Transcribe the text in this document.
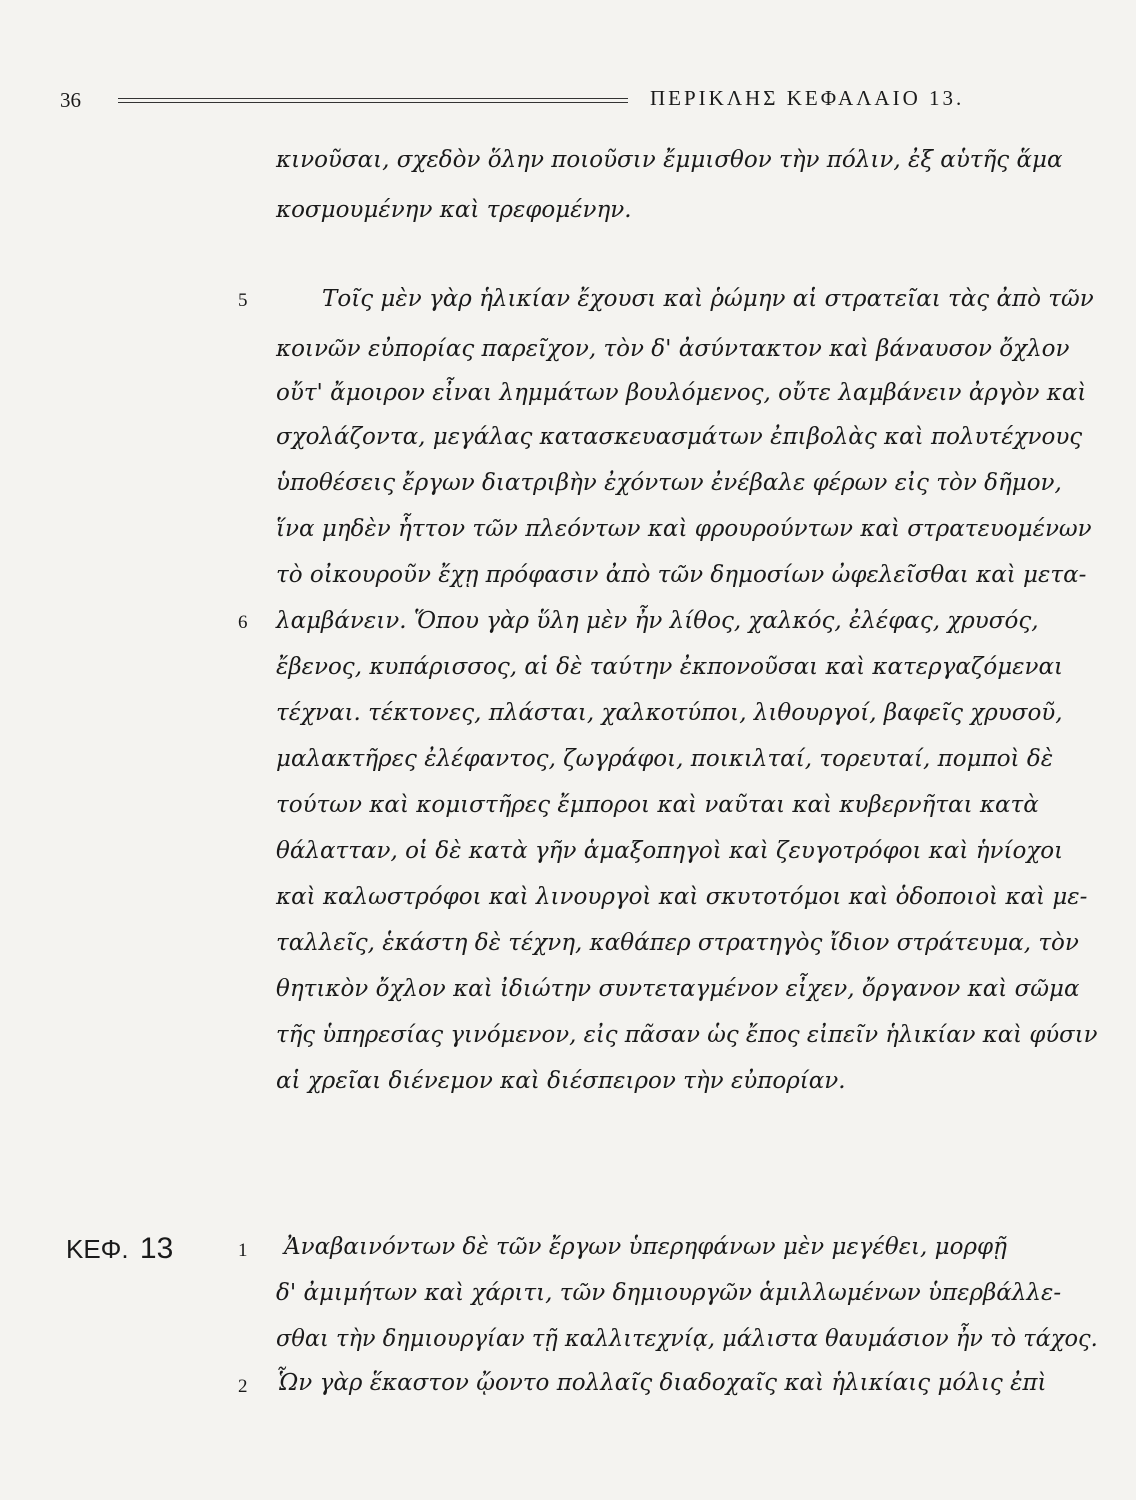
36	ΠΕΡΙΚΛΗΣ ΚΕΦΑΛΑΙΟ 13.
κινοῦσαι, σχεδὸν ὅλην ποιοῦσιν ἔμμισθον τὴν πόλιν, ἐξ αὑτῆς ἅμα
κοσμουμένην καὶ τρεφομένην.
5	Τοῖς μὲν γὰρ ἡλικίαν ἔχουσι καὶ ῥώμην αἱ στρατεῖαι τὰς ἀπὸ τῶν
κοινῶν εὐπορίας παρεῖχον, τὸν δ' ἀσύντακτον καὶ βάναυσον ὄχλον
οὔτ' ἄμοιρον εἶναι λημμάτων βουλόμενος, οὔτε λαμβάνειν ἀργὸν καὶ
σχολάζοντα, μεγάλας κατασκευασμάτων ἐπιβολὰς καὶ πολυτέχνους
ὑποθέσεις ἔργων διατριβὴν ἐχόντων ἐνέβαλε φέρων εἰς τὸν δῆμον,
ἵνα μηδὲν ἧττον τῶν πλεόντων καὶ φρουρούντων καὶ στρατευομένων
τὸ οἰκουροῦν ἔχῃ πρόφασιν ἀπὸ τῶν δημοσίων ὠφελεῖσθαι καὶ μετα-
6 λαμβάνειν. Ὅπου γὰρ ὕλη μὲν ἦν λίθος, χαλκός, ἐλέφας, χρυσός,
ἔβενος, κυπάρισσος, αἱ δὲ ταύτην ἐκπονοῦσαι καὶ κατεργαζόμεναι
τέχναι. τέκτονες, πλάσται, χαλκοτύποι, λιθουργοί, βαφεῖς χρυσοῦ,
μαλακτῆρες ἐλέφαντος, ζωγράφοι, ποικιλταί, τορευταί, πομποὶ δὲ
τούτων καὶ κομιστῆρες ἔμποροι καὶ ναῦται καὶ κυβερνῆται κατὰ
θάλατταν, οἱ δὲ κατὰ γῆν ἁμαξοπηγοὶ καὶ ζευγοτρόφοι καὶ ἡνίοχοι
καὶ καλωστρόφοι καὶ λινουργοὶ καὶ σκυτοτόμοι καὶ ὁδοποιοὶ καὶ με-
ταλλεῖς, ἑκάστη δὲ τέχνη, καθάπερ στρατηγὸς ἴδιον στράτευμα, τὸν
θητικὸν ὄχλον καὶ ἰδιώτην συντεταγμένον εἶχεν, ὄργανον καὶ σῶμα
τῆς ὑπηρεσίας γινόμενον, εἰς πᾶσαν ὡς ἔπος εἰπεῖν ἡλικίαν καὶ φύσιν
αἱ χρεῖαι διένεμον καὶ διέσπειρον τὴν εὐπορίαν.
ΚΕΦ. 13	1 Ἀναβαινόντων δὲ τῶν ἔργων ὑπερηφάνων μὲν μεγέθει, μορφῇ
δ' ἀμιμήτων καὶ χάριτι, τῶν δημιουργῶν ἁμιλλωμένων ὑπερβάλλε-
σθαι τὴν δημιουργίαν τῇ καλλιτεχνίᾳ, μάλιστα θαυμάσιον ἦν τὸ τάχος.
2 Ὧν γὰρ ἕκαστον ᾤοντο πολλαῖς διαδοχαῖς καὶ ἡλικίαις μόλις ἐπὶ
